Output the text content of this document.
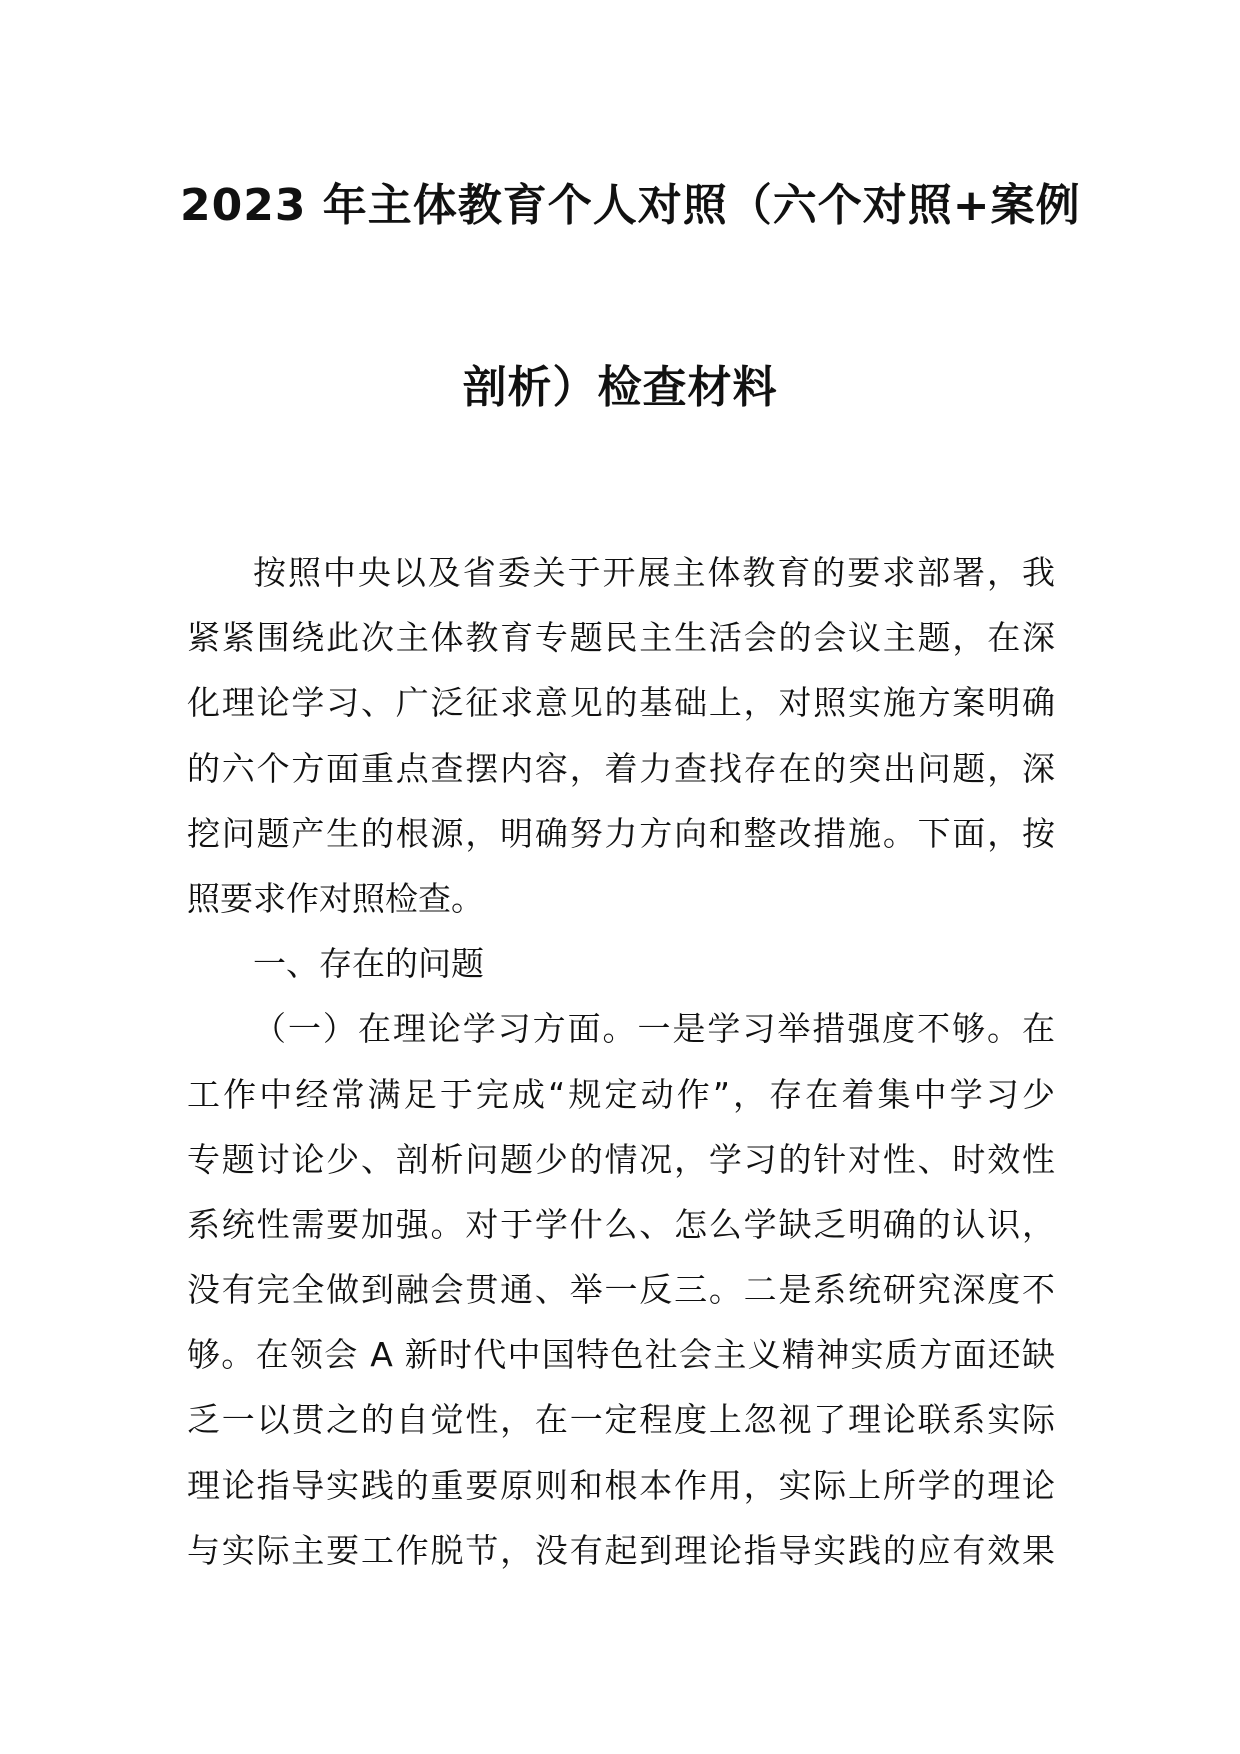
2023 年主体教育个人对照（六个对照+案例
剖析）检查材料
按照中央以及省委关于开展主体教育的要求部署，我
紧紧围绕此次主体教育专题民主生活会的会议主题，在深
化理论学习、广泛征求意见的基础上，对照实施方案明确
的六个方面重点查摆内容，着力查找存在的突出问题，深
挖问题产生的根源，明确努力方向和整改措施。下面，按
照要求作对照检查。
一、存在的问题
（一）在理论学习方面。一是学习举措强度不够。在
工作中经常满足于完成“规定动作”，存在着集中学习少
专题讨论少、剖析问题少的情况，学习的针对性、时效性
系统性需要加强。对于学什么、怎么学缺乏明确的认识，
没有完全做到融会贯通、举一反三。二是系统研究深度不
够。在领会 A 新时代中国特色社会主义精神实质方面还缺
乏一以贯之的自觉性，在一定程度上忽视了理论联系实际
理论指导实践的重要原则和根本作用，实际上所学的理论
与实际主要工作脱节，没有起到理论指导实践的应有效果
